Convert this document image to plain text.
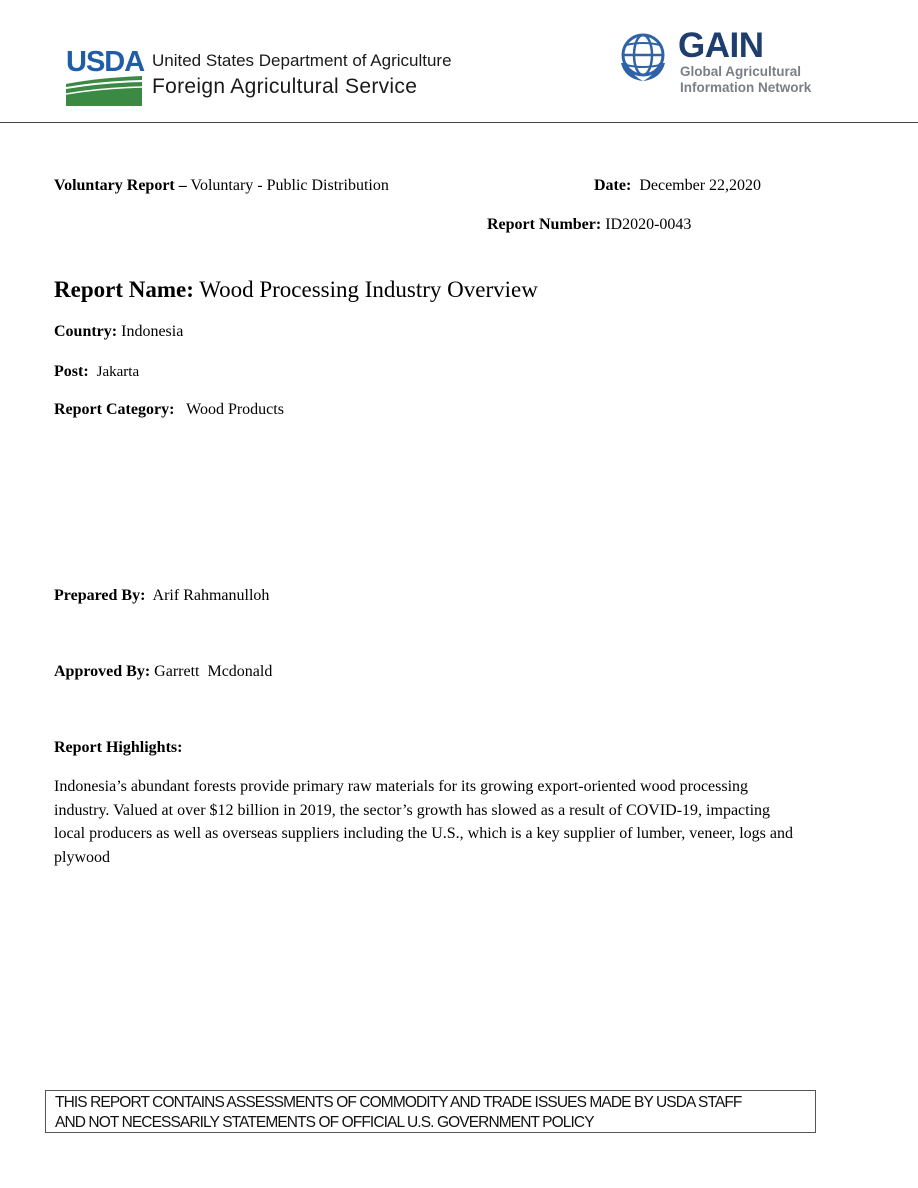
USDA United States Department of Agriculture
Foreign Agricultural Service
GAIN
Global Agricultural
Information Network
Voluntary Report – Voluntary - Public Distribution	Date: December 22,2020
Report Number: ID2020-0043
Report Name: Wood Processing Industry Overview
Country: Indonesia
Post: Jakarta
Report Category: Wood Products
Prepared By: Arif Rahmanulloh
Approved By: Garrett  Mcdonald
Report Highlights:
Indonesia’s abundant forests provide primary raw materials for its growing export-oriented wood processing industry. Valued at over $12 billion in 2019, the sector’s growth has slowed as a result of COVID-19, impacting local producers as well as overseas suppliers including the U.S., which is a key supplier of lumber, veneer, logs and plywood
THIS REPORT CONTAINS ASSESSMENTS OF COMMODITY AND TRADE ISSUES MADE BY USDA STAFF
AND NOT NECESSARILY STATEMENTS OF OFFICIAL U.S. GOVERNMENT POLICY
